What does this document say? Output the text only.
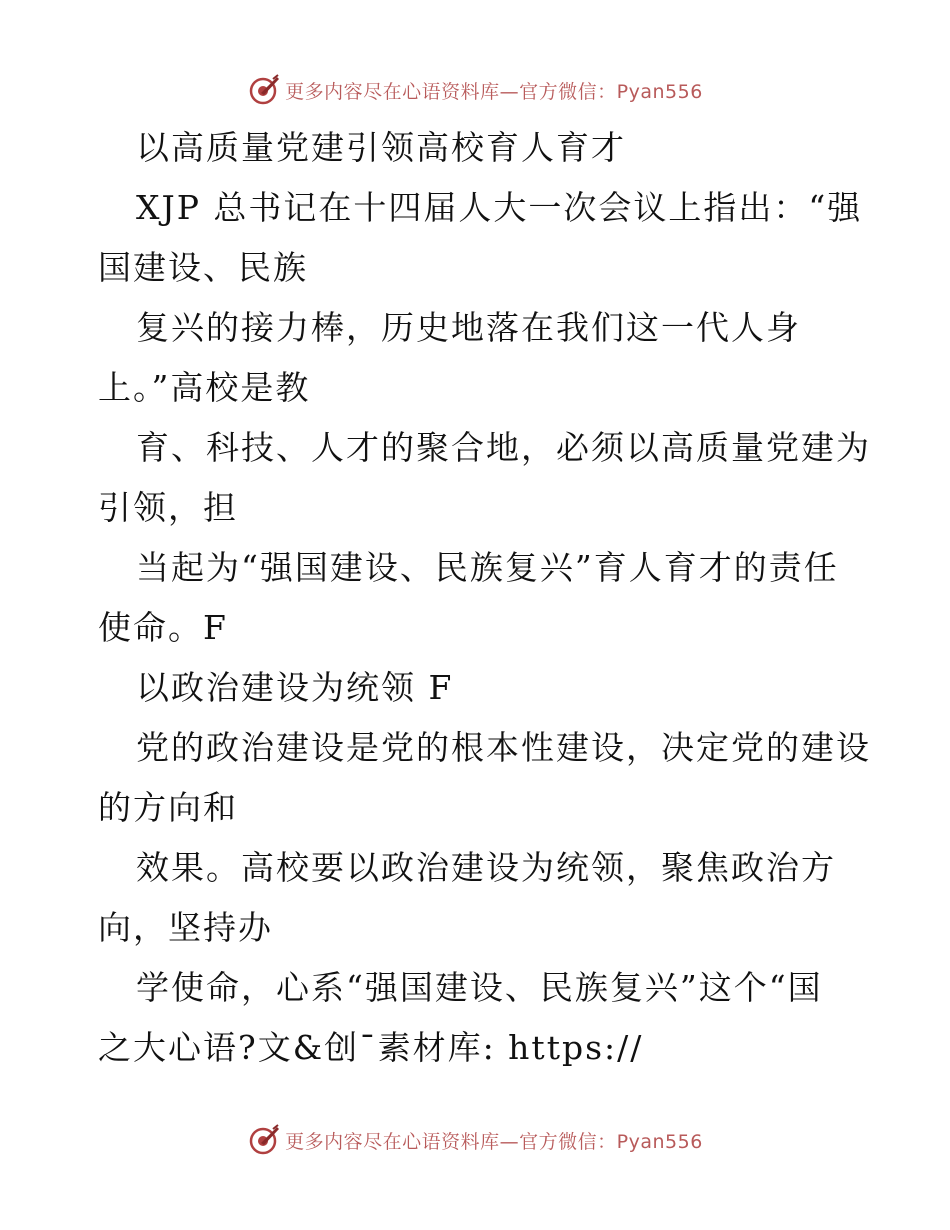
更多内容尽在心语资料库—官方微信：Pyan556
以高质量党建引领高校育人育才
XJP 总书记在十四届人大一次会议上指出：“强
国建设、民族
复兴的接力棒，历史地落在我们这一代人身
上。”高校是教
育、科技、人才的聚合地，必须以高质量党建为
引领，担
当起为“强国建设、民族复兴”育人育才的责任
使命。F
以政治建设为统领 F
党的政治建设是党的根本性建设，决定党的建设
的方向和
效果。高校要以政治建设为统领，聚焦政治方
向，坚持办
学使命，心系“强国建设、民族复兴”这个“国
之大心语?文&创¯素材库: https://
更多内容尽在心语资料库—官方微信：Pyan556
